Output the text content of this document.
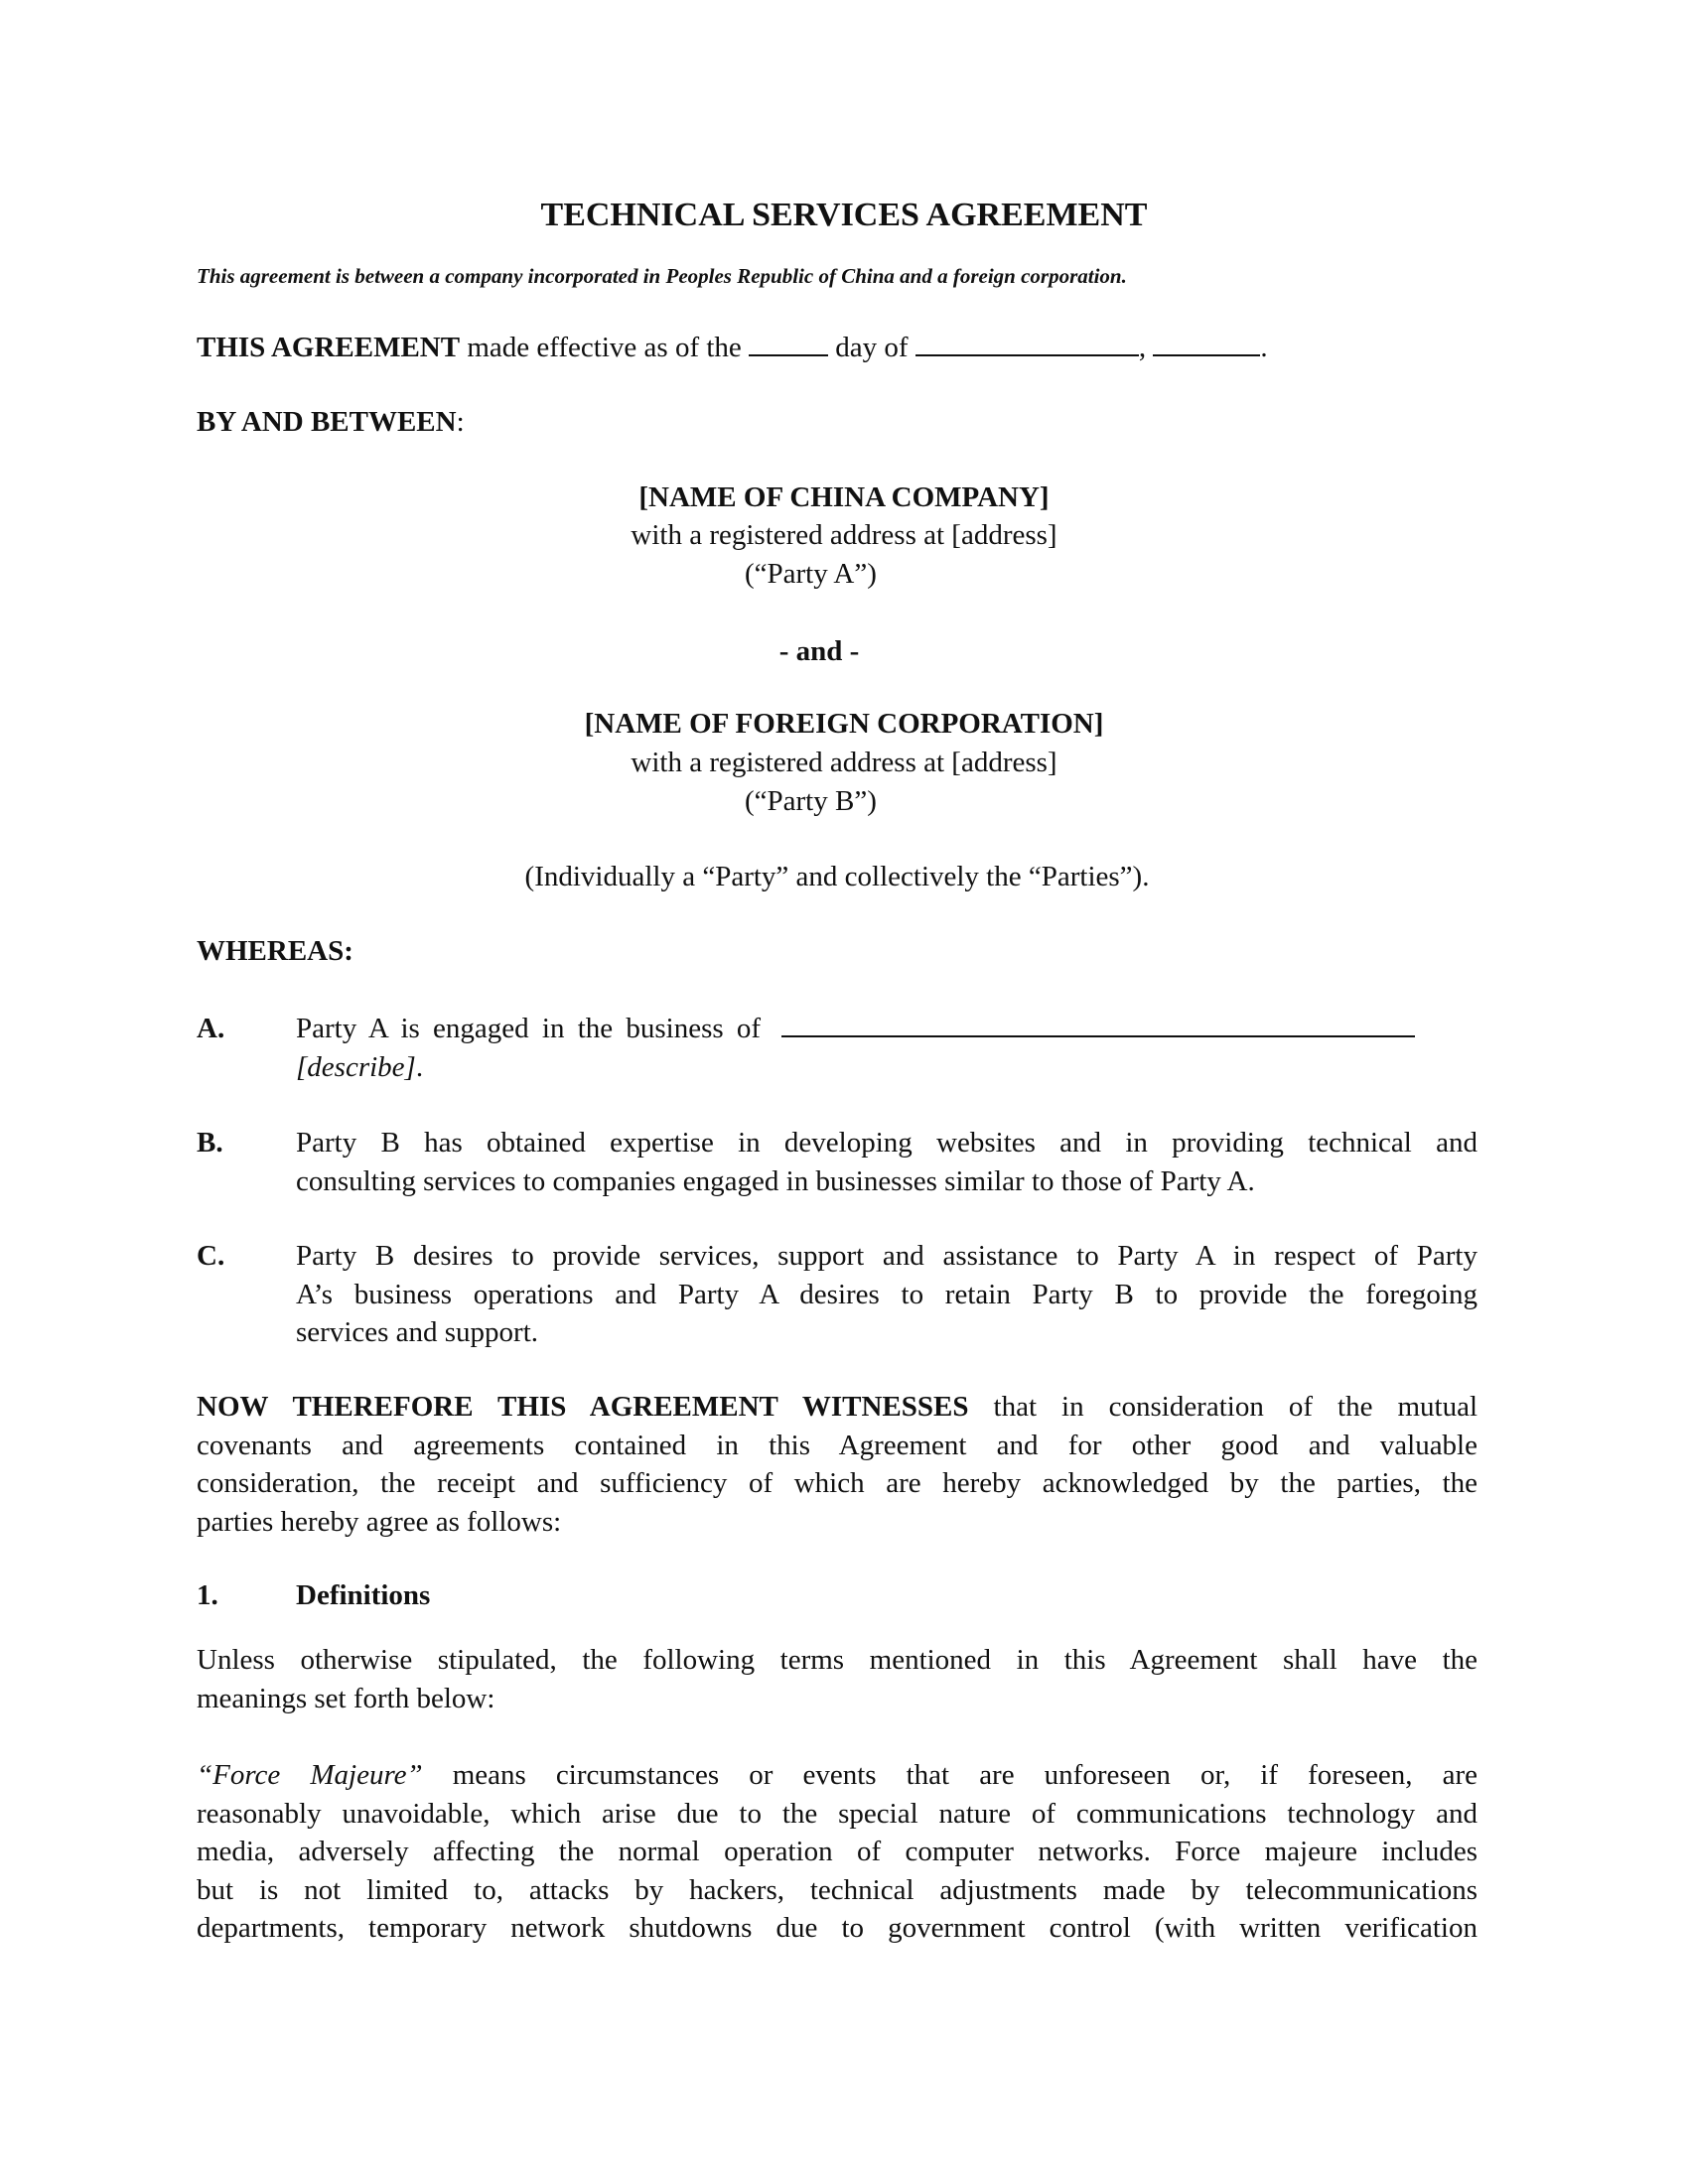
TECHNICAL SERVICES AGREEMENT
This agreement is between a company incorporated in Peoples Republic of China and a foreign corporation.
THIS AGREEMENT made effective as of the	day of	,	.
BY AND BETWEEN:
[NAME OF CHINA COMPANY]
with a registered address at [address]
(“Party A”)
- and -
[NAME OF FOREIGN CORPORATION]
with a registered address at [address]
(“Party B”)
(Individually a “Party” and collectively the “Parties”).
WHEREAS:
A. Party A is engaged in the business of
[describe].
B.	Party B has obtained expertise in developing websites and in providing technical and
consulting services to companies engaged in businesses similar to those of Party A.
C. Party B desires to provide services, support and assistance to Party A in respect of Party
A’s business operations and Party A desires to retain Party B to provide the foregoing
services and support.
NOW THEREFORE THIS AGREEMENT WITNESSES that in consideration of the mutual
covenants and agreements contained in this Agreement and for other good and valuable
consideration, the receipt and sufficiency of which are hereby acknowledged by the parties, the
parties hereby agree as follows:
1.	Definitions
Unless otherwise stipulated, the following terms mentioned in this Agreement shall have the
meanings set forth below:
“Force Majeure” means circumstances or events that are unforeseen or, if foreseen, are
reasonably unavoidable, which arise due to the special nature of communications technology and
media, adversely affecting the normal operation of computer networks. Force majeure includes
but is not limited to, attacks by hackers, technical adjustments made by telecommunications
departments, temporary network shutdowns due to government control (with written verification
